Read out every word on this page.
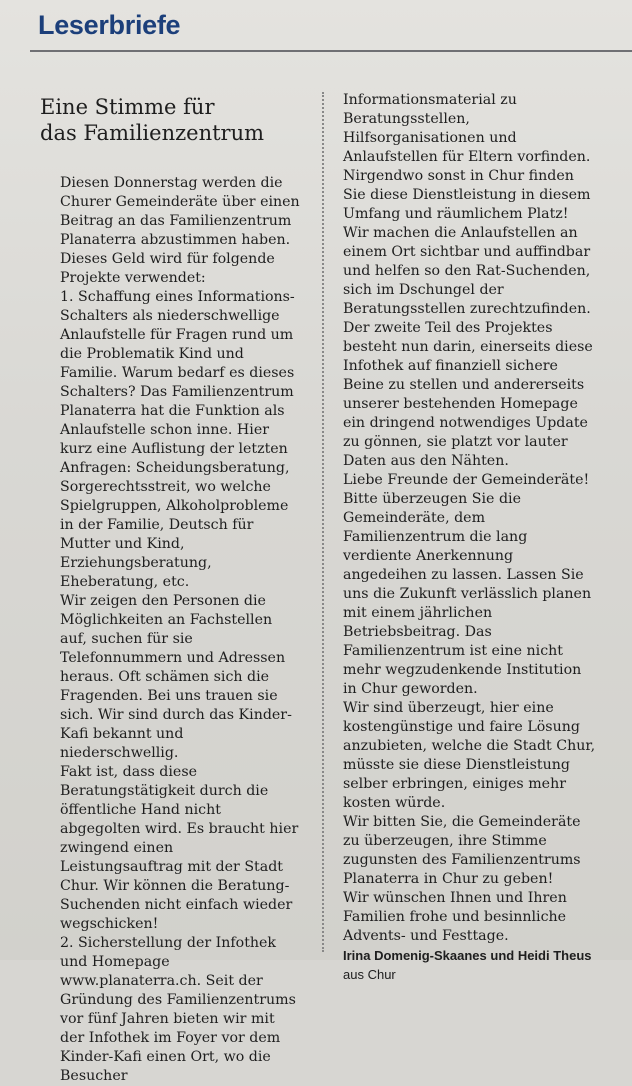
Leserbriefe
Eine Stimme für
das Familienzentrum

Diesen Donnerstag werden die Churer Gemeinderäte über einen Beitrag an das Familienzentrum Planaterra abzustimmen haben. Dieses Geld wird für folgende Projekte verwendet:

1. Schaffung eines Informations-Schalters als niederschwellige Anlaufstelle für Fragen rund um die Problematik Kind und Familie. Warum bedarf es dieses Schalters? Das Familienzentrum Planaterra hat die Funktion als Anlaufstelle schon inne. Hier kurz eine Auflistung der letzten Anfragen: Scheidungsberatung, Sorgerechtsstreit, wo welche Spielgruppen, Alkoholprobleme in der Familie, Deutsch für Mutter und Kind, Erziehungsberatung, Eheberatung, etc.

Wir zeigen den Personen die Möglichkeiten an Fachstellen auf, suchen für sie Telefonnummern und Adressen heraus. Oft schämen sich die Fragenden. Bei uns trauen sie sich. Wir sind durch das Kinder-Kafi bekannt und niederschwellig.

Fakt ist, dass diese Beratungstätigkeit durch die öffentliche Hand nicht abgegolten wird. Es braucht hier zwingend einen Leistungsauftrag mit der Stadt Chur. Wir können die Beratung-Suchenden nicht einfach wieder wegschicken!

2. Sicherstellung der Infothek und Homepage www.planaterra.ch. Seit der Gründung des Familienzentrums vor fünf Jahren bieten wir mit der Infothek im Foyer vor dem Kinder-Kafi einen Ort, wo die Besucher

Informationsmaterial zu Beratungsstellen, Hilfsorganisationen und Anlaufstellen für Eltern vorfinden. Nirgendwo sonst in Chur finden Sie diese Dienstleistung in diesem Umfang und räumlichem Platz!

Wir machen die Anlaufstellen an einem Ort sichtbar und auffindbar und helfen so den Rat-Suchenden, sich im Dschungel der Beratungsstellen zurechtzufinden.

Der zweite Teil des Projektes besteht nun darin, einerseits diese Infothek auf finanziell sichere Beine zu stellen und andererseits unserer bestehenden Homepage ein dringend notwendiges Update zu gönnen, sie platzt vor lauter Daten aus den Nähten.

Liebe Freunde der Gemeinderäte! Bitte überzeugen Sie die Gemeinderäte, dem Familienzentrum die lang verdiente Anerkennung angedeihen zu lassen. Lassen Sie uns die Zukunft verlässlich planen mit einem jährlichen Betriebsbeitrag. Das Familienzentrum ist eine nicht mehr wegzudenkende Institution in Chur geworden.

Wir sind überzeugt, hier eine kostengünstige und faire Lösung anzubieten, welche die Stadt Chur, müsste sie diese Dienstleistung selber erbringen, einiges mehr kosten würde.

Wir bitten Sie, die Gemeinderäte zu überzeugen, ihre Stimme zugunsten des Familienzentrums Planaterra in Chur zu geben!

Wir wünschen Ihnen und Ihren Familien frohe und besinnliche Advents- und Festtage.

Irina Domenig-Skaanes und Heidi Theus aus Chur
